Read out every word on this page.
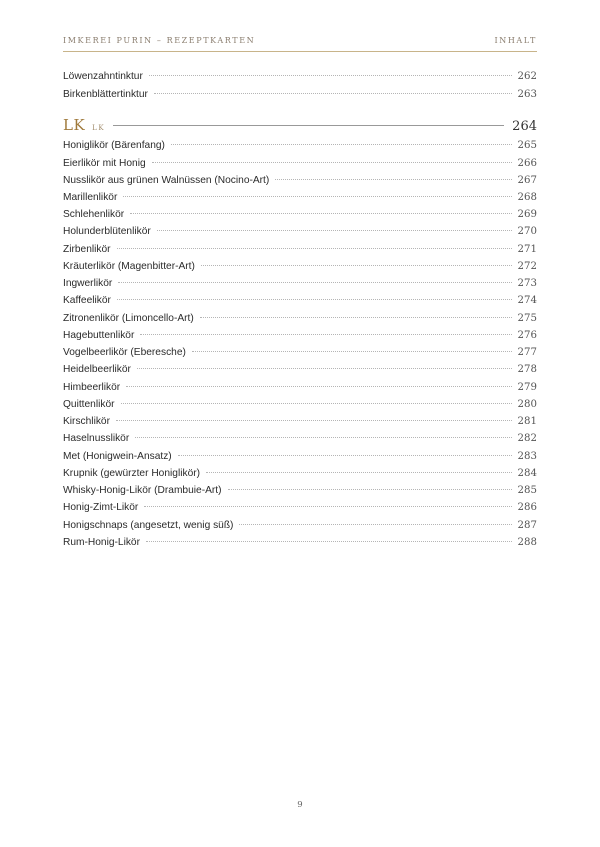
IMKEREI PURIN – REZEPTKARTEN	INHALT
Löwenzahntinktur	262
Birkenblättertinktur	263
LK LK	264
Honiglikör (Bärenfang)	265
Eierlikör mit Honig	266
Nusslikör aus grünen Walnüssen (Nocino-Art)	267
Marillenlikör	268
Schlehenlikör	269
Holunderblütenlikör	270
Zirbenlikör	271
Kräuterlikör (Magenbitter-Art)	272
Ingwerlikör	273
Kaffeelikör	274
Zitronenlikör (Limoncello-Art)	275
Hagebuttenlikör	276
Vogelbeerlikör (Eberesche)	277
Heidelbeerlikör	278
Himbeerlikör	279
Quittenlikör	280
Kirschlikör	281
Haselnusslikör	282
Met (Honigwein-Ansatz)	283
Krupnik (gewürzter Honiglikör)	284
Whisky-Honig-Likör (Drambuie-Art)	285
Honig-Zimt-Likör	286
Honigschnaps (angesetzt, wenig süß)	287
Rum-Honig-Likör	288
9
